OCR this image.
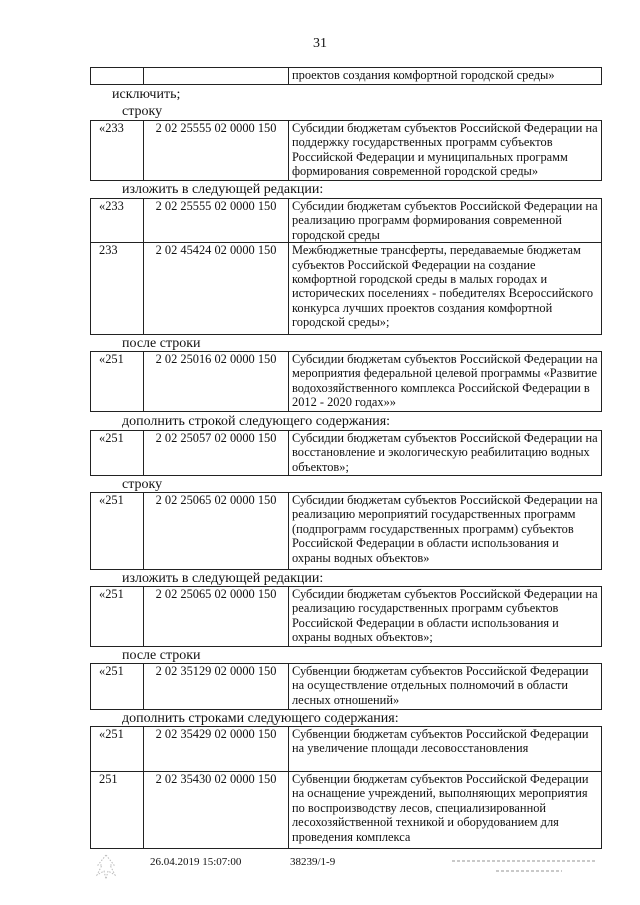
31
		проектов создания комфортной городской среды»
исключить;
строку
«233	2 02 25555 02 0000 150	Субсидии бюджетам субъектов Российской Федерации на поддержку государственных программ субъектов Российской Федерации и муниципальных программ формирования современной городской среды»
изложить в следующей редакции:
«233	2 02 25555 02 0000 150	Субсидии бюджетам субъектов Российской Федерации на реализацию программ формирования современной городской среды
233	2 02 45424 02 0000 150	Межбюджетные трансферты, передаваемые бюджетам субъектов Российской Федерации на создание комфортной городской среды в малых городах и исторических поселениях - победителях Всероссийского конкурса лучших проектов создания комфортной городской среды»;
после строки
«251	2 02 25016 02 0000 150	Субсидии бюджетам субъектов Российской Федерации на мероприятия федеральной целевой программы «Развитие водохозяйственного комплекса Российской Федерации в 2012 - 2020 годах»»
дополнить строкой следующего содержания:
«251	2 02 25057 02 0000 150	Субсидии бюджетам субъектов Российской Федерации на восстановление и экологическую реабилитацию водных объектов»;
строку
«251	2 02 25065 02 0000 150	Субсидии бюджетам субъектов Российской Федерации на реализацию мероприятий государственных программ (подпрограмм государственных программ) субъектов Российской Федерации в области использования и охраны водных объектов»
изложить в следующей редакции:
«251	2 02 25065 02 0000 150	Субсидии бюджетам субъектов Российской Федерации на реализацию государственных программ субъектов Российской Федерации в области использования и охраны водных объектов»;
после строки
«251	2 02 35129 02 0000 150	Субвенции бюджетам субъектов Российской Федерации на осуществление отдельных полномочий в области лесных отношений»
дополнить строками следующего содержания:
«251	2 02 35429 02 0000 150	Субвенции бюджетам субъектов Российской Федерации на увеличение площади лесовосстановления
251	2 02 35430 02 0000 150	Субвенции бюджетам субъектов Российской Федерации на оснащение учреждений, выполняющих мероприятия по воспроизводству лесов, специализированной лесохозяйственной техникой и оборудованием для проведения комплекса
26.04.2019 15:07:00	38239/1-9
